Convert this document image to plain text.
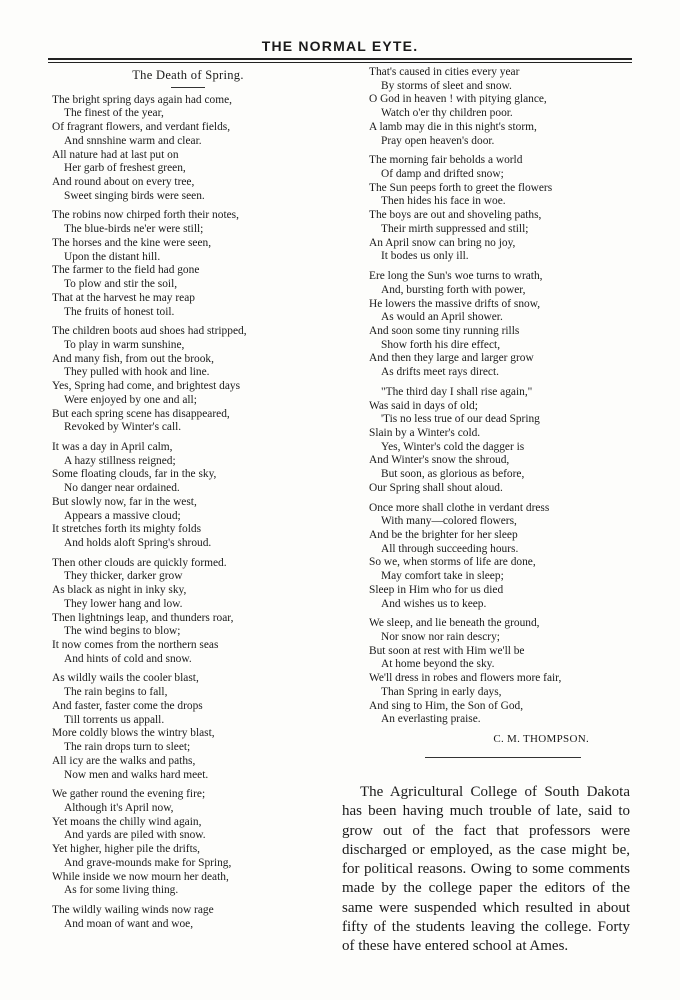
THE NORMAL EYTE.
The Death of Spring.
The bright spring days again had come,
The finest of the year,
Of fragrant flowers, and verdant fields,
And snnshine warm and clear.
All nature had at last put on
Her garb of freshest green,
And round about on every tree,
Sweet singing birds were seen.
The robins now chirped forth their notes,
The blue-birds ne'er were still;
The horses and the kine were seen,
Upon the distant hill.
The farmer to the field had gone
To plow and stir the soil,
That at the harvest he may reap
The fruits of honest toil.
The children boots aud shoes had stripped,
To play in warm sunshine,
And many fish, from out the brook,
They pulled with hook and line.
Yes, Spring had come, and brightest days
Were enjoyed by one and all;
But each spring scene has disappeared,
Revoked by Winter's call.
It was a day in April calm,
A hazy stillness reigned;
Some floating clouds, far in the sky,
No danger near ordained.
But slowly now, far in the west,
Appears a massive cloud;
It stretches forth its mighty folds
And holds aloft Spring's shroud.
Then other clouds are quickly formed.
They thicker, darker grow
As black as night in inky sky,
They lower hang and low.
Then lightnings leap, and thunders roar,
The wind begins to blow;
It now comes from the northern seas
And hints of cold and snow.
As wildly wails the cooler blast,
The rain begins to fall,
And faster, faster come the drops
Till torrents us appall.
More coldly blows the wintry blast,
The rain drops turn to sleet;
All icy are the walks and paths,
Now men and walks hard meet.
We gather round the evening fire;
Although it's April now,
Yet moans the chilly wind again,
And yards are piled with snow.
Yet higher, higher pile the drifts,
And grave-mounds make for Spring,
While inside we now mourn her death,
As for some living thing.
The wildly wailing winds now rage
And moan of want and woe,
That's caused in cities every year
By storms of sleet and snow.
O God in heaven ! with pitying glance,
Watch o'er thy children poor.
A lamb may die in this night's storm,
Pray open heaven's door.
The morning fair beholds a world
Of damp and drifted snow;
The Sun peeps forth to greet the flowers
Then hides his face in woe.
The boys are out and shoveling paths,
Their mirth suppressed and still;
An April snow can bring no joy,
It bodes us only ill.
Ere long the Sun's woe turns to wrath,
And, bursting forth with power,
He lowers the massive drifts of snow,
As would an April shower.
And soon some tiny running rills
Show forth his dire effect,
And then they large and larger grow
As drifts meet rays direct.
"The third day I shall rise again,"
Was said in days of old;
'Tis no less true of our dead Spring
Slain by a Winter's cold.
Yes, Winter's cold the dagger is
And Winter's snow the shroud,
But soon, as glorious as before,
Our Spring shall shout aloud.
Once more shall clothe in verdant dress
With many—colored flowers,
And be the brighter for her sleep
All through succeeding hours.
So we, when storms of life are done,
May comfort take in sleep;
Sleep in Him who for us died
And wishes us to keep.
We sleep, and lie beneath the ground,
Nor snow nor rain descry;
But soon at rest with Him we'll be
At home beyond the sky.
We'll dress in robes and flowers more fair,
Than Spring in early days,
And sing to Him, the Son of God,
An everlasting praise.
C. M. THOMPSON.
The Agricultural College of South Dakota has been having much trouble of late, said to grow out of the fact that professors were discharged or employed, as the case might be, for political reasons. Owing to some comments made by the college paper the editors of the same were suspended which resulted in about fifty of the students leaving the college. Forty of these have entered school at Ames.
